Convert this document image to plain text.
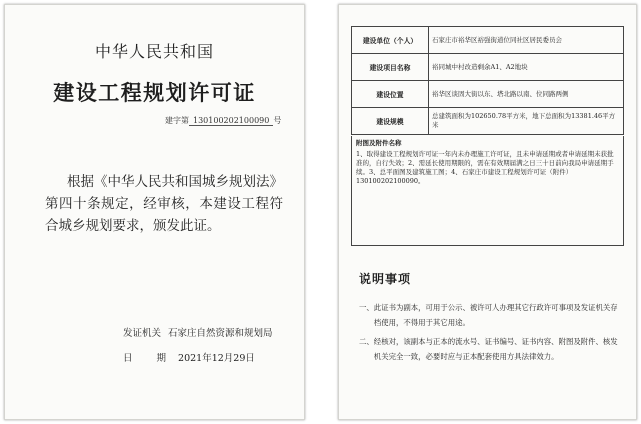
中华人民共和国
建设工程规划许可证
建字第 130100202100090 号
根据《中华人民共和国城乡规划法》第四十条规定，经审核，本建设工程符合城乡规划要求，颁发此证。
发证机关 石家庄自然资源和规划局
日	期 2021年12月29日
建设单位（个人）	石家庄市裕华区裕强街道位同社区居民委员会
建设项目名称	裕同城中村改造剩余A1、A2地块
建设位置	裕华区谈固大街以东、塔北路以南、位同路两侧
建设规模	总建筑面积为102650.78平方米，地下总面积为13381.46平方米
附图及附件名称
1、取得建设工程规划许可证一年内未办理施工许可证，且未申请延期或者申请延期未获批准的，自行失效；2、需延长使用期限的，需在有效期届满之日三十日前向我局申请延期手续。3、总平面图及建筑施工图；4、石家庄市建设工程规划许可证（附件）130100202100090。
说明事项
一、 此证书为副本，可用于公示、被许可人办理其它行政许可事项及发证机关存档使用，不得用于其它用途。
二、 经核对，该副本与正本的流水号、证书编号、证书内容、附图及附件、核发机关完全一致，必要时应与正本配套使用方具法律效力。
